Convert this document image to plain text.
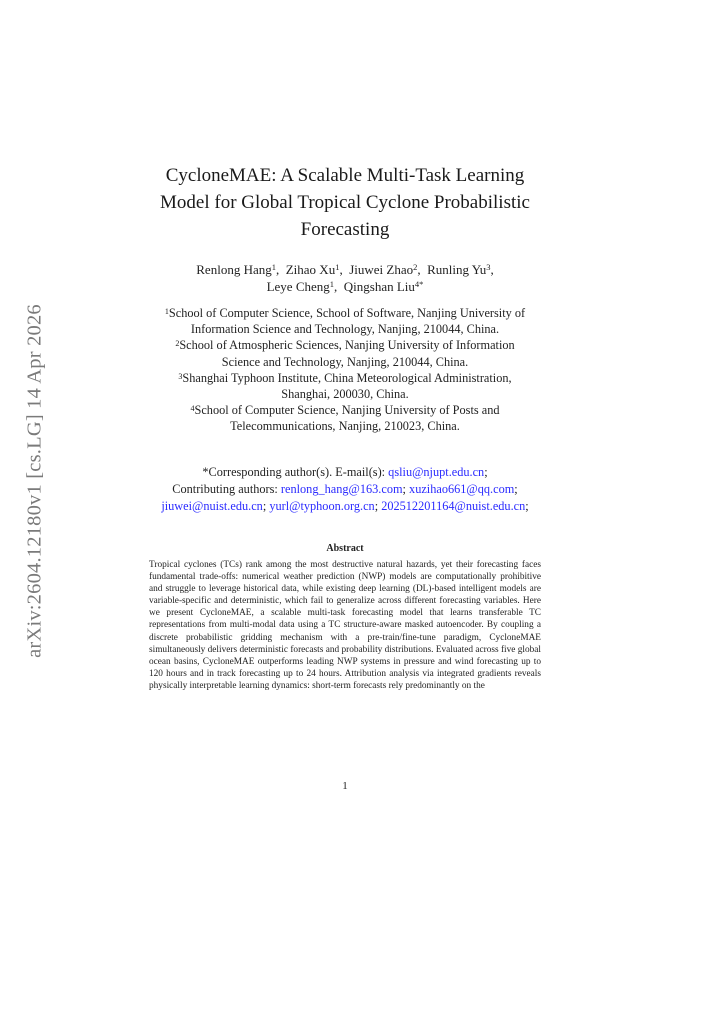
arXiv:2604.12180v1 [cs.LG] 14 Apr 2026
CycloneMAE: A Scalable Multi-Task Learning
Model for Global Tropical Cyclone Probabilistic
Forecasting
Renlong Hang$^1$,  Zihao Xu$^1$,  Jiuwei Zhao$^2$,  Runling Yu$^3$,
Leye Cheng$^1$,  Qingshan Liu$^{4*}$
$^1$School of Computer Science, School of Software, Nanjing University of
Information Science and Technology, Nanjing, 210044, China.
$^2$School of Atmospheric Sciences, Nanjing University of Information
Science and Technology, Nanjing, 210044, China.
$^3$Shanghai Typhoon Institute, China Meteorological Administration,
Shanghai, 200030, China.
$^4$School of Computer Science, Nanjing University of Posts and
Telecommunications, Nanjing, 210023, China.
*Corresponding author(s). E-mail(s): qsliu@njupt.edu.cn;
Contributing authors: renlong_hang@163.com; xuzihao661@qq.com;
jiuwei@nuist.edu.cn; yurl@typhoon.org.cn; 202512201164@nuist.edu.cn;
Abstract
Tropical cyclones (TCs) rank among the most destructive natural hazards, yet their forecasting faces fundamental trade-offs: numerical weather prediction (NWP) models are computationally prohibitive and struggle to leverage historical data, while existing deep learning (DL)-based intelligent models are variable-specific and deterministic, which fail to generalize across different forecasting variables. Here we present CycloneMAE, a scalable multi-task forecasting model that learns transferable TC representations from multi-modal data using a TC structure-aware masked autoencoder. By coupling a discrete probabilistic gridding mechanism with a pre-train/fine-tune paradigm, CycloneMAE simultaneously delivers deterministic forecasts and probability distributions. Evaluated across five global ocean basins, CycloneMAE outperforms leading NWP systems in pressure and wind forecasting up to 120 hours and in track forecasting up to 24 hours. Attribution analysis via integrated gradients reveals physically interpretable learning dynamics: short-term forecasts rely predominantly on the
1
